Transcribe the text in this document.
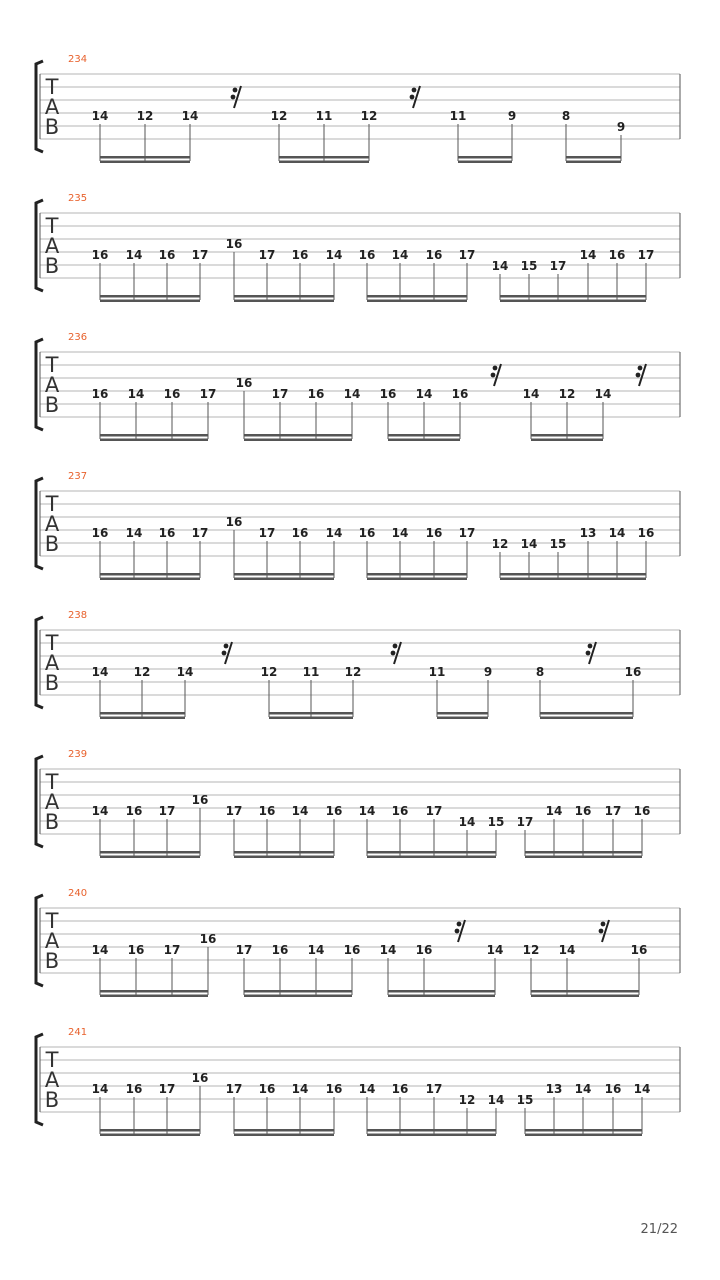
T
A
B
234
14 12 14	12 11 12	11	9	8
9
T
A
B
235
16 14 16 17
16
17 16 14 16 14 16 17
14 15 17
14 16 17
T
A
B
236
16 14 16 17
16
17 16 14 16 14 16	14 12 14
T
A
B
237
16 14 16 17
16
17 16 14 16 14 16 17
12 14 15
13 14 16
T
A
B
238
14 12 14	12 11 12	11	9	8	16
T
A
B
239
14 16 17
16
17 16 14 16 14 16 17
14 15 17
14 16 17 16
T
A
B
240
14 16 17
16
17 16 14 16 14 16	14 12 14	16
T
A
B
241
14 16 17
16
17 16 14 16 14 16 17
12 14 15
13 14 16 14
21/22
